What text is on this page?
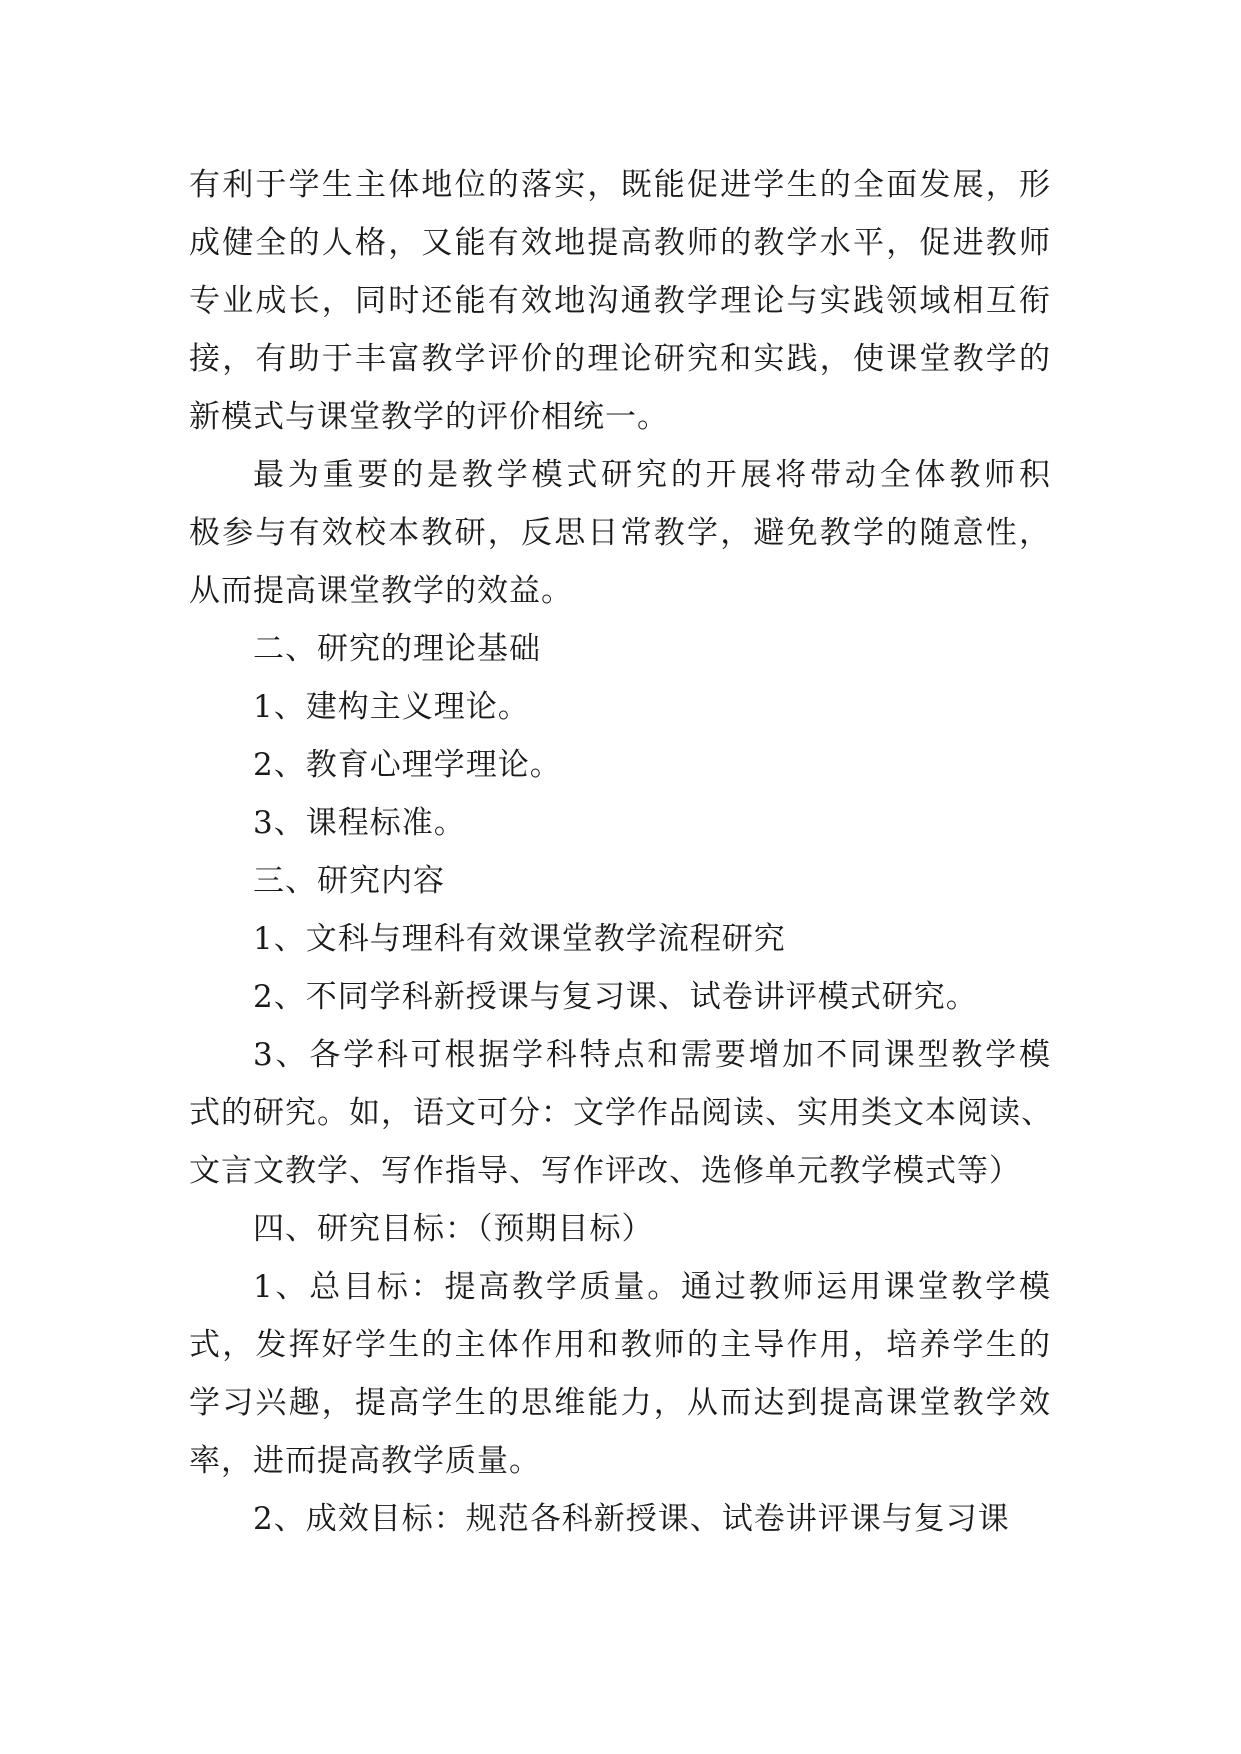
有利于学生主体地位的落实，既能促进学生的全面发展，形
成健全的人格，又能有效地提高教师的教学水平，促进教师
专业成长，同时还能有效地沟通教学理论与实践领域相互衔
接，有助于丰富教学评价的理论研究和实践，使课堂教学的
新模式与课堂教学的评价相统一。
最为重要的是教学模式研究的开展将带动全体教师积
极参与有效校本教研，反思日常教学，避免教学的随意性，
从而提高课堂教学的效益。
二、研究的理论基础
1、建构主义理论。
2、教育心理学理论。
3、课程标准。
三、研究内容
1、文科与理科有效课堂教学流程研究
2、不同学科新授课与复习课、试卷讲评模式研究。
3、各学科可根据学科特点和需要增加不同课型教学模
式的研究。如，语文可分：文学作品阅读、实用类文本阅读、
文言文教学、写作指导、写作评改、选修单元教学模式等）
四、研究目标：（预期目标）
1、总目标：提高教学质量。通过教师运用课堂教学模
式，发挥好学生的主体作用和教师的主导作用，培养学生的
学习兴趣，提高学生的思维能力，从而达到提高课堂教学效
率，进而提高教学质量。
2、成效目标：规范各科新授课、试卷讲评课与复习课
